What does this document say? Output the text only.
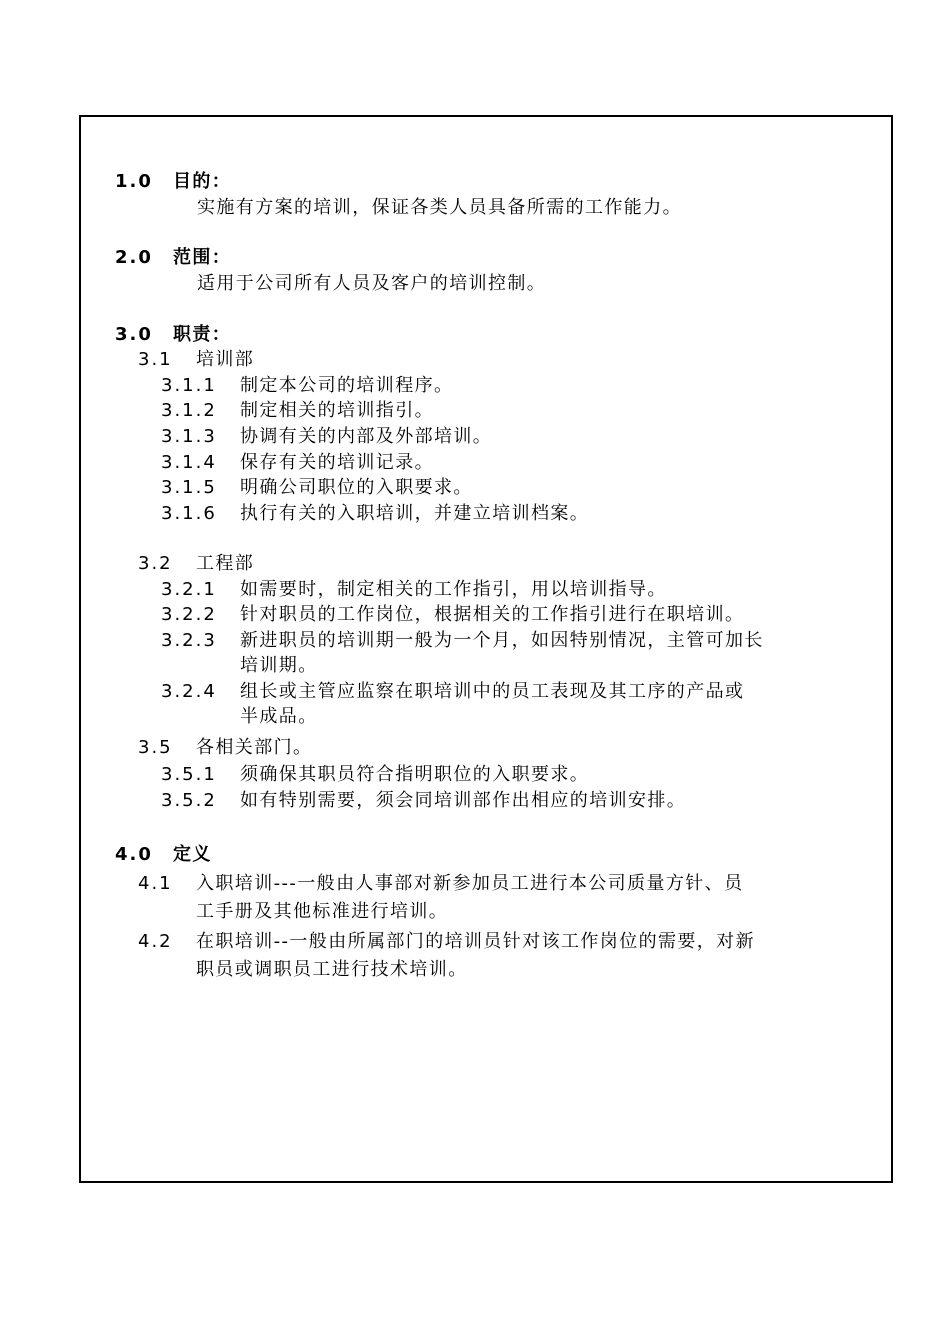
1.0 目的：
实施有方案的培训，保证各类人员具备所需的工作能力。
2.0 范围：
适用于公司所有人员及客户的培训控制。
3.0 职责：
3.1 培训部
3.1.1 制定本公司的培训程序。
3.1.2 制定相关的培训指引。
3.1.3 协调有关的内部及外部培训。
3.1.4 保存有关的培训记录。
3.1.5 明确公司职位的入职要求。
3.1.6 执行有关的入职培训，并建立培训档案。
3.2 工程部
3.2.1 如需要时，制定相关的工作指引，用以培训指导。
3.2.2 针对职员的工作岗位，根据相关的工作指引进行在职培训。
3.2.3 新进职员的培训期一般为一个月，如因特别情况，主管可加长
培训期。
3.2.4 组长或主管应监察在职培训中的员工表现及其工序的产品或
半成品。
3.5 各相关部门。
3.5.1 须确保其职员符合指明职位的入职要求。
3.5.2 如有特别需要，须会同培训部作出相应的培训安排。
4.0 定义
4.1 入职培训---一般由人事部对新参加员工进行本公司质量方针、员
工手册及其他标准进行培训。
4.2 在职培训--一般由所属部门的培训员针对该工作岗位的需要，对新
职员或调职员工进行技术培训。
